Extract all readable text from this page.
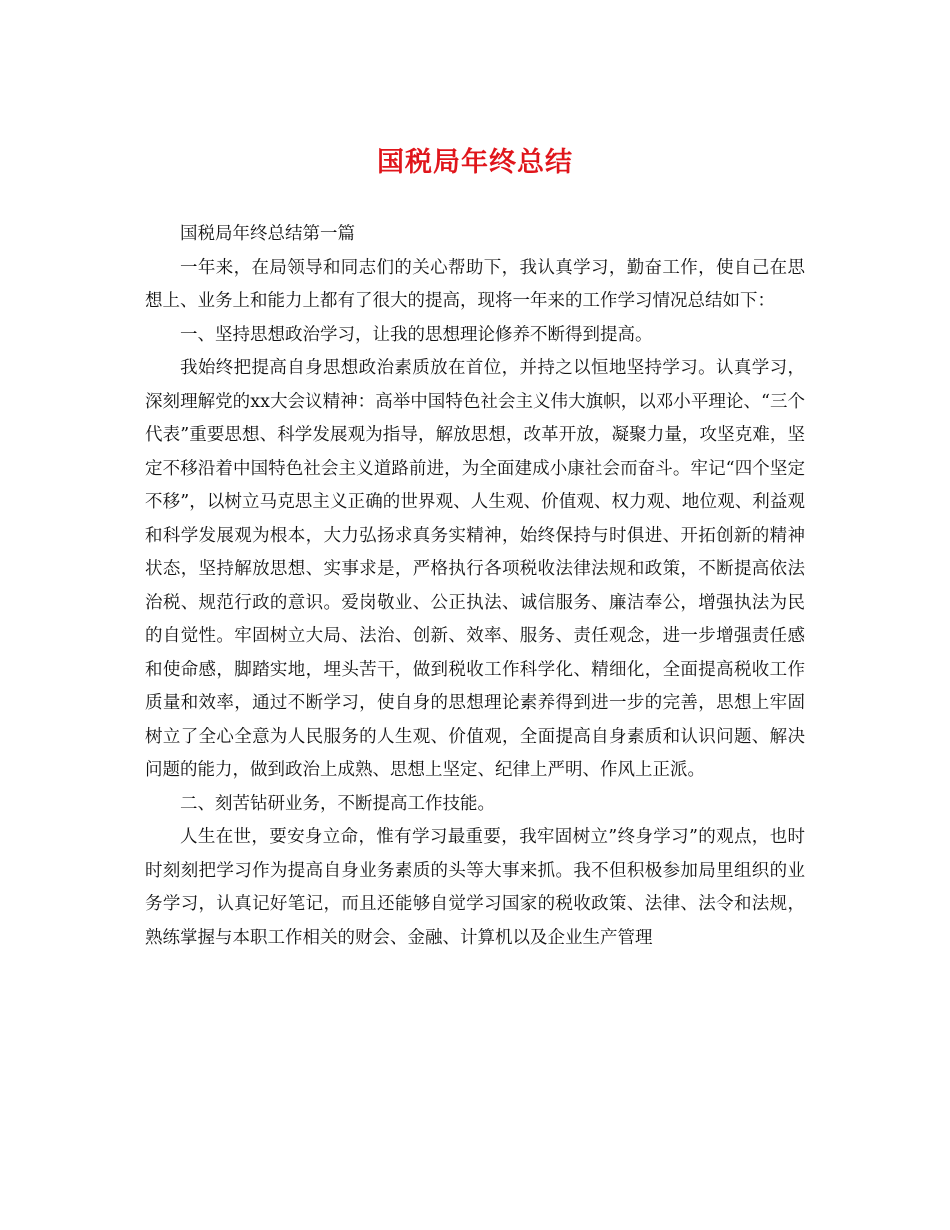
国税局年终总结

国税局年终总结第一篇

一年来，在局领导和同志们的关心帮助下，我认真学习，勤奋工作，使自己在思想上、业务上和能力上都有了很大的提高，现将一年来的工作学习情况总结如下：

一、坚持思想政治学习，让我的思想理论修养不断得到提高。

我始终把提高自身思想政治素质放在首位，并持之以恒地坚持学习。认真学习，深刻理解党的xx大会议精神：高举中国特色社会主义伟大旗帜，以邓小平理论、“三个代表”重要思想、科学发展观为指导，解放思想，改革开放，凝聚力量，攻坚克难，坚定不移沿着中国特色社会主义道路前进，为全面建成小康社会而奋斗。牢记“四个坚定不移”，以树立马克思主义正确的世界观、人生观、价值观、权力观、地位观、利益观和科学发展观为根本，大力弘扬求真务实精神，始终保持与时俱进、开拓创新的精神状态，坚持解放思想、实事求是，严格执行各项税收法律法规和政策，不断提高依法治税、规范行政的意识。爱岗敬业、公正执法、诚信服务、廉洁奉公，增强执法为民的自觉性。牢固树立大局、法治、创新、效率、服务、责任观念，进一步增强责任感和使命感，脚踏实地，埋头苦干，做到税收工作科学化、精细化，全面提高税收工作质量和效率，通过不断学习，使自身的思想理论素养得到进一步的完善，思想上牢固树立了全心全意为人民服务的人生观、价值观，全面提高自身素质和认识问题、解决问题的能力，做到政治上成熟、思想上坚定、纪律上严明、作风上正派。

二、刻苦钻研业务，不断提高工作技能。

人生在世，要安身立命，惟有学习最重要，我牢固树立”终身学习”的观点，也时时刻刻把学习作为提高自身业务素质的头等大事来抓。我不但积极参加局里组织的业务学习，认真记好笔记，而且还能够自觉学习国家的税收政策、法律、法令和法规，熟练掌握与本职工作相关的财会、金融、计算机以及企业生产管理
